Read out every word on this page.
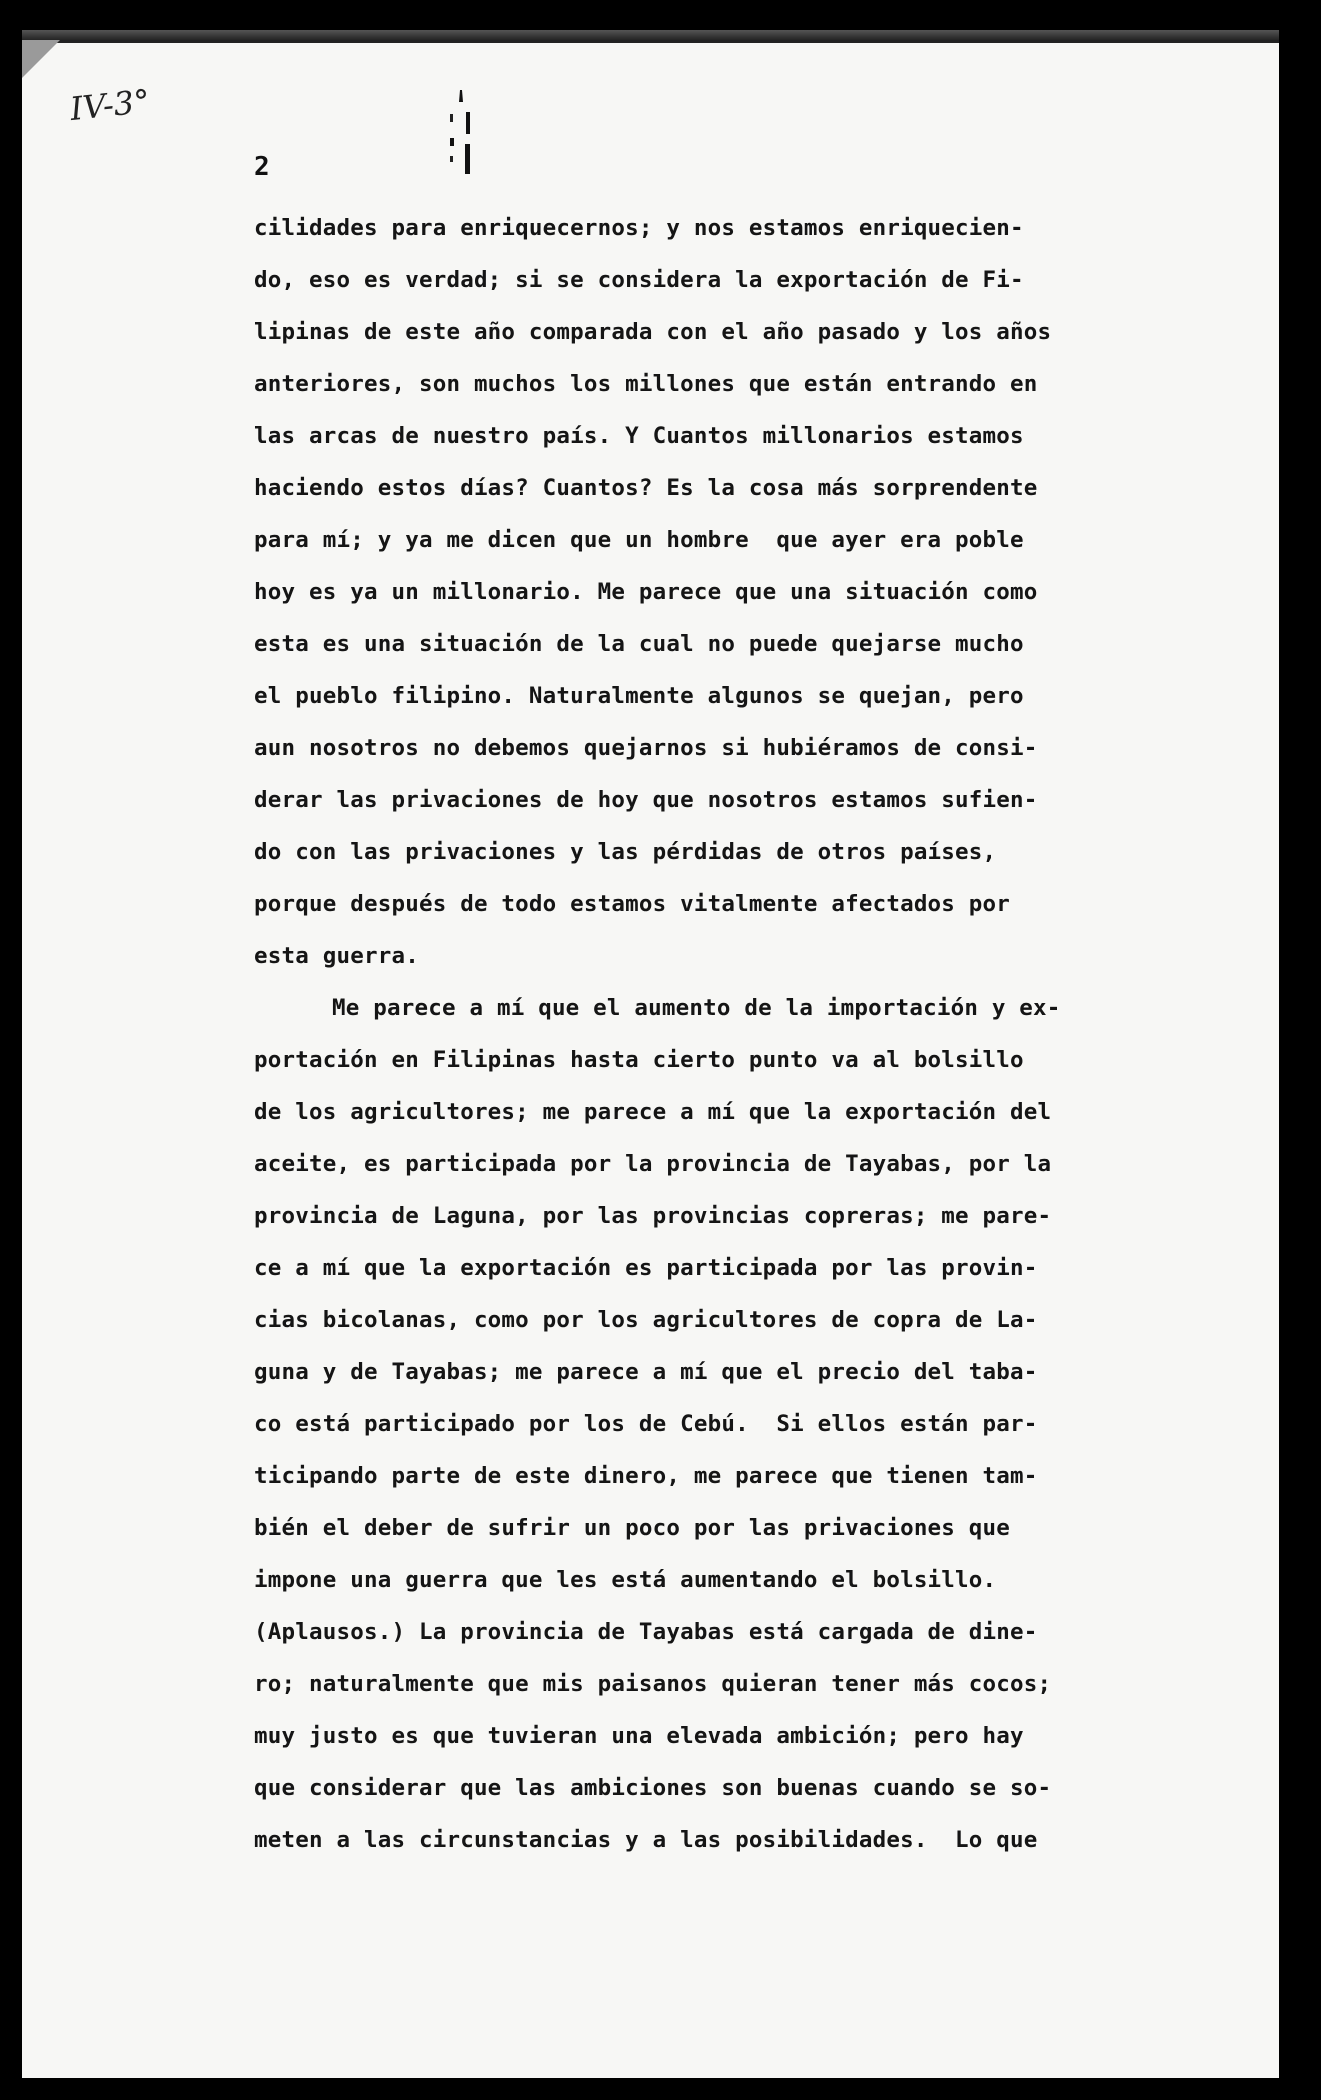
IV-3°
2
cilidades para enriquecernos; y nos estamos enriquecien-
do, eso es verdad; si se considera la exportación de Fi-
lipinas de este año comparada con el año pasado y los años
anteriores, son muchos los millones que están entrando en
las arcas de nuestro país. Y Cuantos millonarios estamos
haciendo estos días? Cuantos? Es la cosa más sorprendente
para mí; y ya me dicen que un hombre  que ayer era poble
hoy es ya un millonario. Me parece que una situación como
esta es una situación de la cual no puede quejarse mucho
el pueblo filipino. Naturalmente algunos se quejan, pero
aun nosotros no debemos quejarnos si hubiéramos de consi-
derar las privaciones de hoy que nosotros estamos sufien-
do con las privaciones y las pérdidas de otros países,
porque después de todo estamos vitalmente afectados por
esta guerra.
Me parece a mí que el aumento de la importación y ex-
portación en Filipinas hasta cierto punto va al bolsillo
de los agricultores; me parece a mí que la exportación del
aceite, es participada por la provincia de Tayabas, por la
provincia de Laguna, por las provincias copreras; me pare-
ce a mí que la exportación es participada por las provin-
cias bicolanas, como por los agricultores de copra de La-
guna y de Tayabas; me parece a mí que el precio del taba-
co está participado por los de Cebú.  Si ellos están par-
ticipando parte de este dinero, me parece que tienen tam-
bién el deber de sufrir un poco por las privaciones que
impone una guerra que les está aumentando el bolsillo.
(Aplausos.) La provincia de Tayabas está cargada de dine-
ro; naturalmente que mis paisanos quieran tener más cocos;
muy justo es que tuvieran una elevada ambición; pero hay
que considerar que las ambiciones son buenas cuando se so-
meten a las circunstancias y a las posibilidades.  Lo que
